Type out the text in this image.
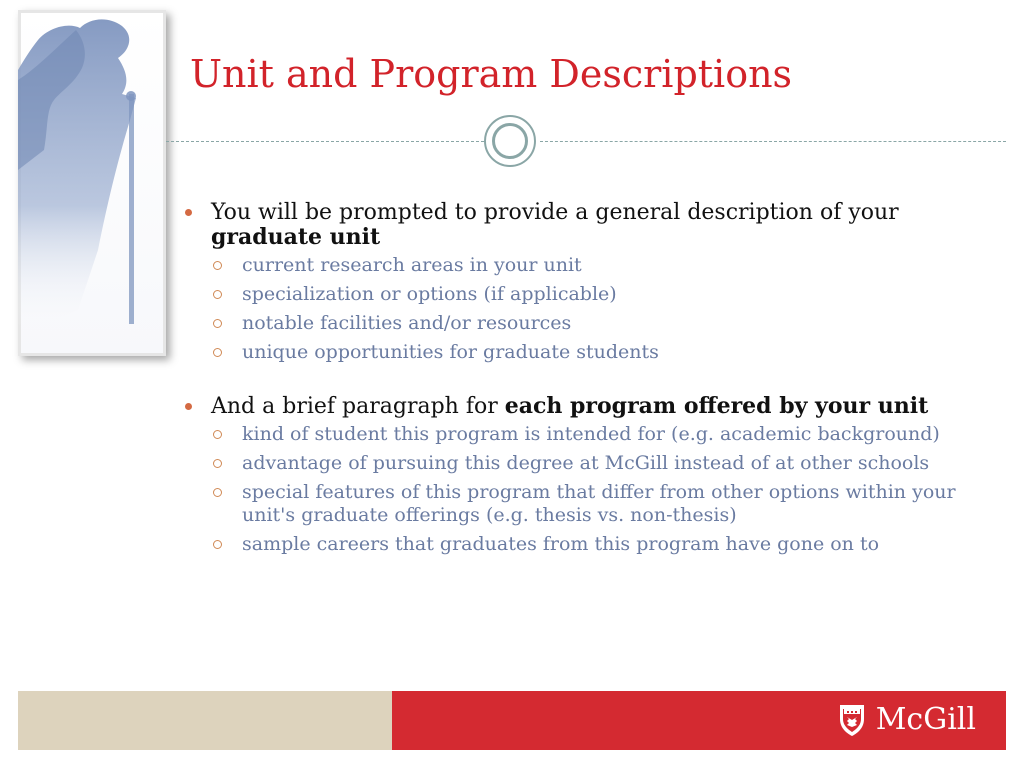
Unit and Program Descriptions

You will be prompted to provide a general description of your graduate unit

current research areas in your unit
specialization or options (if applicable)
notable facilities and/or resources
unique opportunities for graduate students

And a brief paragraph for each program offered by your unit

kind of student this program is intended for (e.g. academic background)
advantage of pursuing this degree at McGill instead of at other schools
special features of this program that differ from other options within your unit's graduate offerings (e.g. thesis vs. non-thesis)
sample careers that graduates from this program have gone on to
McGill
